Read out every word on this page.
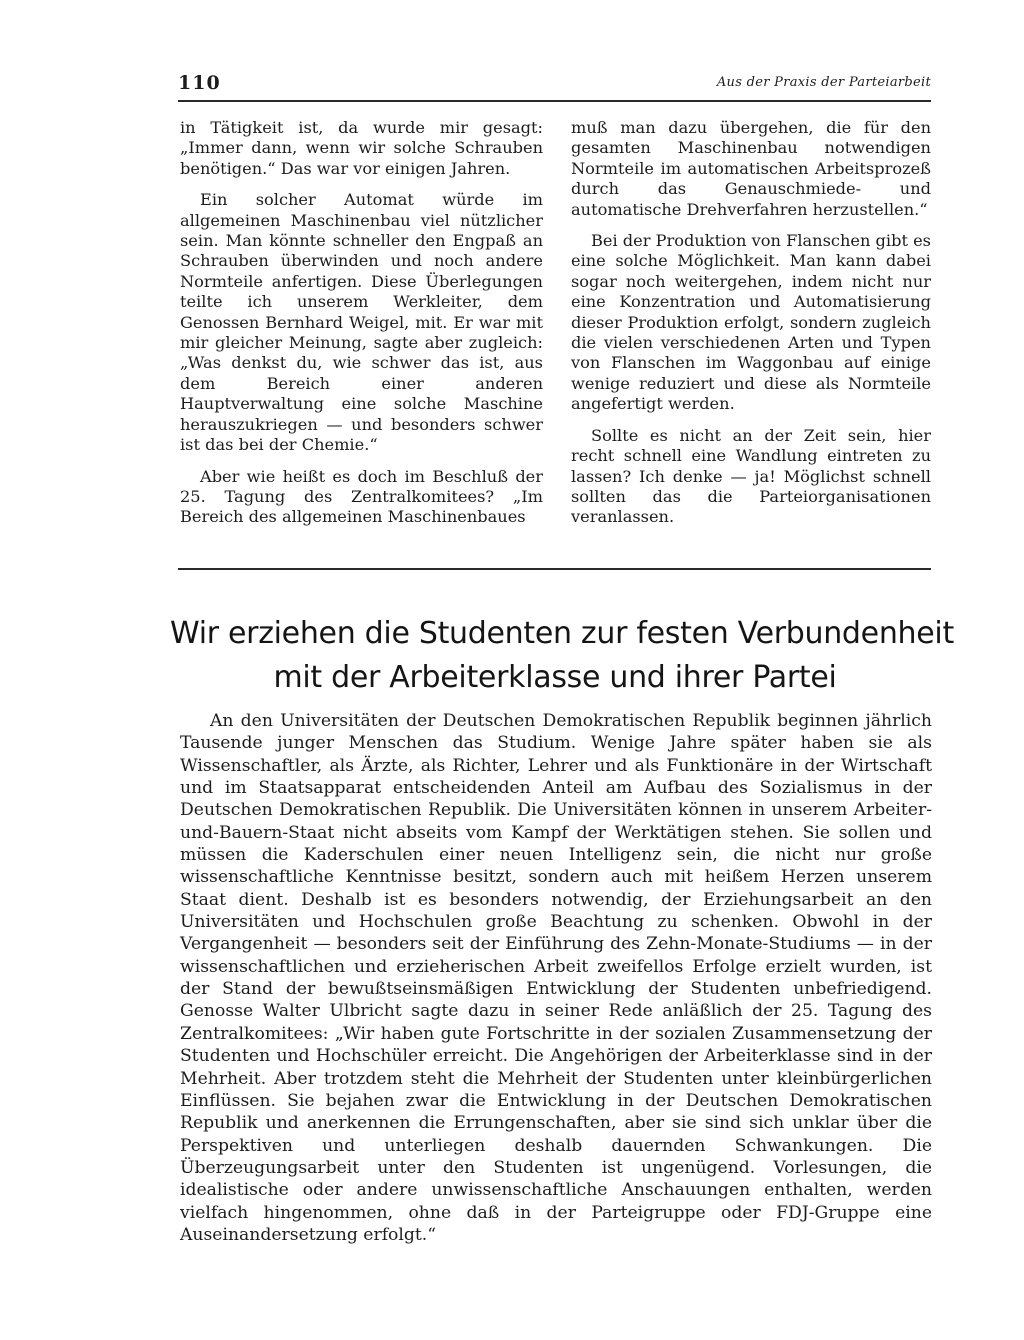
110	Aus der Praxis der Parteiarbeit

in Tätigkeit ist, da wurde mir gesagt: „Immer dann, wenn wir solche Schrauben benötigen.“ Das war vor einigen Jahren.

Ein solcher Automat würde im allgemeinen Maschinenbau viel nützlicher sein. Man könnte schneller den Engpaß an Schrauben überwinden und noch andere Normteile anfertigen. Diese Überlegungen teilte ich unserem Werkleiter, dem Genossen Bernhard Weigel, mit. Er war mit mir gleicher Meinung, sagte aber zugleich: „Was denkst du, wie schwer das ist, aus dem Bereich einer anderen Hauptverwaltung eine solche Maschine herauszukriegen — und besonders schwer ist das bei der Chemie.“

Aber wie heißt es doch im Beschluß der 25. Tagung des Zentralkomitees? „Im Bereich des allgemeinen Maschinenbaues

muß man dazu übergehen, die für den gesamten Maschinenbau notwendigen Normteile im automatischen Arbeitsprozeß durch das Genauschmiede- und automatische Drehverfahren herzustellen.“

Bei der Produktion von Flanschen gibt es eine solche Möglichkeit. Man kann dabei sogar noch weitergehen, indem nicht nur eine Konzentration und Automatisierung dieser Produktion erfolgt, sondern zugleich die vielen verschiedenen Arten und Typen von Flanschen im Waggonbau auf einige wenige reduziert und diese als Normteile angefertigt werden.

Sollte es nicht an der Zeit sein, hier recht schnell eine Wandlung eintreten zu lassen? Ich denke — ja! Möglichst schnell sollten das die Parteiorganisationen veranlassen.

Wir erziehen die Studenten zur festen Verbundenheit
mit der Arbeiterklasse und ihrer Partei

An den Universitäten der Deutschen Demokratischen Republik beginnen jährlich Tausende junger Menschen das Studium. Wenige Jahre später haben sie als Wissenschaftler, als Ärzte, als Richter, Lehrer und als Funktionäre in der Wirtschaft und im Staatsapparat entscheidenden Anteil am Aufbau des Sozialismus in der Deutschen Demokratischen Republik. Die Universitäten können in unserem Arbeiter-und-Bauern-Staat nicht abseits vom Kampf der Werktätigen stehen. Sie sollen und müssen die Kaderschulen einer neuen Intelligenz sein, die nicht nur große wissenschaftliche Kenntnisse besitzt, sondern auch mit heißem Herzen unserem Staat dient. Deshalb ist es besonders notwendig, der Erziehungsarbeit an den Universitäten und Hochschulen große Beachtung zu schenken. Obwohl in der Vergangenheit — besonders seit der Einführung des Zehn-Monate-Studiums — in der wissenschaftlichen und erzieherischen Arbeit zweifellos Erfolge erzielt wurden, ist der Stand der bewußtseinsmäßigen Entwicklung der Studenten unbefriedigend. Genosse Walter Ulbricht sagte dazu in seiner Rede anläßlich der 25. Tagung des Zentralkomitees: „Wir haben gute Fortschritte in der sozialen Zusammensetzung der Studenten und Hochschüler erreicht. Die Angehörigen der Arbeiterklasse sind in der Mehrheit. Aber trotzdem steht die Mehrheit der Studenten unter kleinbürgerlichen Einflüssen. Sie bejahen zwar die Entwicklung in der Deutschen Demokratischen Republik und anerkennen die Errungenschaften, aber sie sind sich unklar über die Perspektiven und unterliegen deshalb dauernden Schwankungen. Die Überzeugungsarbeit unter den Studenten ist ungenügend. Vorlesungen, die idealistische oder andere unwissenschaftliche Anschauungen enthalten, werden vielfach hingenommen, ohne daß in der Parteigruppe oder FDJ-Gruppe eine Auseinandersetzung erfolgt.“
